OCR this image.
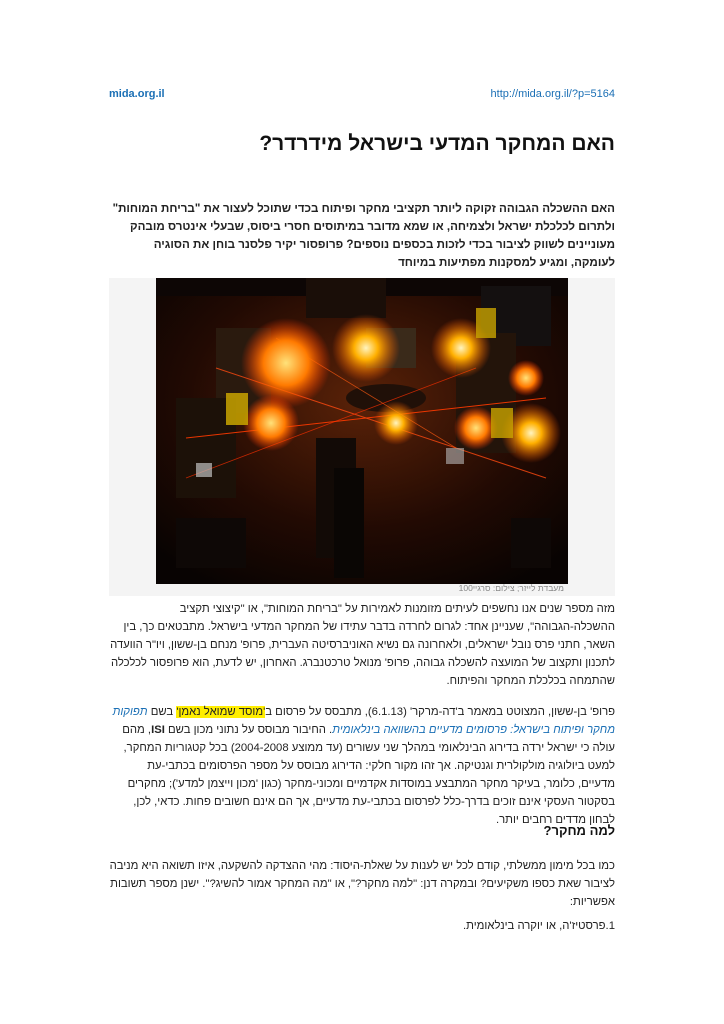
mida.org.il	http://mida.org.il/?p=5164
האם המחקר המדעי בישראל מידרדר?

האם ההשכלה הגבוהה זקוקה ליותר תקציבי מחקר ופיתוח בכדי שתוכל לעצור את "בריחת המוחות" ולתרום לכלכלת ישראל ולצמיחה, או שמא מדובר במיתוסים חסרי ביסוס, שבעלי אינטרס מובהק מעוניינים לשווק לציבור בכדי לזכות בכספים נוספים? פרופסור יקיר פלסנר בוחן את הסוגיה לעומקה, ומגיע למסקנות מפתיעות במיוחד

מעבדת לייזר; צילום: סרגיי100

מזה מספר שנים אנו נחשפים לעיתים מזומנות לאמירות על "בריחת המוחות", או "קיצוצי תקציב ההשכלה-הגבוהה", שעניינן אחד: לגרום לחרדה בדבר עתידו של המחקר המדעי בישראל. מתבטאים כך, בין השאר, חתני פרס נובל ישראלים, ולאחרונה גם נשיא האוניברסיטה העברית, פרופ' מנחם בן-ששון, ויו"ר הוועדה לתכנון ותקצוב של המועצה להשכלה גבוהה, פרופ' מנואל טרכטנברג. האחרון, יש לדעת, הוא פרופסור לכלכלה שהתמחה בכלכלת המחקר והפיתוח.

פרופ' בן-ששון, המצוטט במאמר ב'דה-מרקר' (6.1.13), מתבסס על פרסום ב'מוסד שמואל נאמן' בשם תפוקות מחקר ופיתוח בישראל: פרסומים מדעיים בהשוואה בינלאומית. החיבור מבוסס על נתוני מכון בשם ISI, מהם עולה כי ישראל ירדה בדירוג הבינלאומי במהלך שני עשורים (עד ממוצע 2004-2008) בכל קטגוריות המחקר, למעט ביולוגיה מולקולרית וגנטיקה. אך זהו מקור חלקי: הדירוג מבוסס על מספר הפרסומים בכתבי-עת מדעיים, כלומר, בעיקר מחקר המתבצע במוסדות אקדמיים ומכוני-מחקר (כגון 'מכון וייצמן למדע'); מחקרים בסקטור העסקי אינם זוכים בדרך-כלל לפרסום בכתבי-עת מדעיים, אך הם אינם חשובים פחות. כדאי, לכן, לבחון מדדים רחבים יותר.

למה מחקר?

כמו בכל מימון ממשלתי, קודם לכל יש לענות על שאלת-היסוד: מהי ההצדקה להשקעה, איזו תשואה היא מניבה לציבור שאת כספו משקיעים? ובמקרה דנן: "למה מחקר?", או "מה המחקר אמור להשיג?". ישנן מספר תשובות אפשריות:

1.פרסטיז'ה, או יוקרה בינלאומית.
